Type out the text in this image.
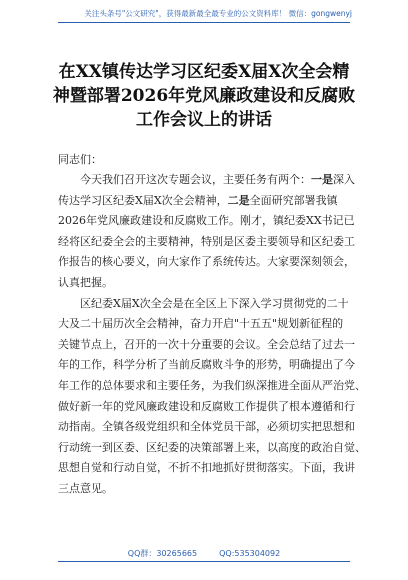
关注头条号"公文研究"，获得最新最全最专业的公文资料库！ 微信：gongwenyj
在XX镇传达学习区纪委X届X次全会精
神暨部署2026年党风廉政建设和反腐败
工作会议上的讲话
同志们：
今天我们召开这次专题会议，主要任务有两个：一是深入
传达学习区纪委X届X次全会精神，二是全面研究部署我镇
2026年党风廉政建设和反腐败工作。刚才，镇纪委XX书记已
经将区纪委全会的主要精神，特别是区委主要领导和区纪委工
作报告的核心要义，向大家作了系统传达。大家要深刻领会，
认真把握。
区纪委X届X次全会是在全区上下深入学习贯彻党的二十
大及二十届历次全会精神，奋力开启"十五五"规划新征程的
关键节点上，召开的一次十分重要的会议。全会总结了过去一
年的工作，科学分析了当前反腐败斗争的形势，明确提出了今
年工作的总体要求和主要任务，为我们纵深推进全面从严治党、
做好新一年的党风廉政建设和反腐败工作提供了根本遵循和行
动指南。全镇各级党组织和全体党员干部，必须切实把思想和
行动统一到区委、区纪委的决策部署上来，以高度的政治自觉、
思想自觉和行动自觉，不折不扣地抓好贯彻落实。下面，我讲
三点意见。
QQ群：30265665	QQ:535304092
